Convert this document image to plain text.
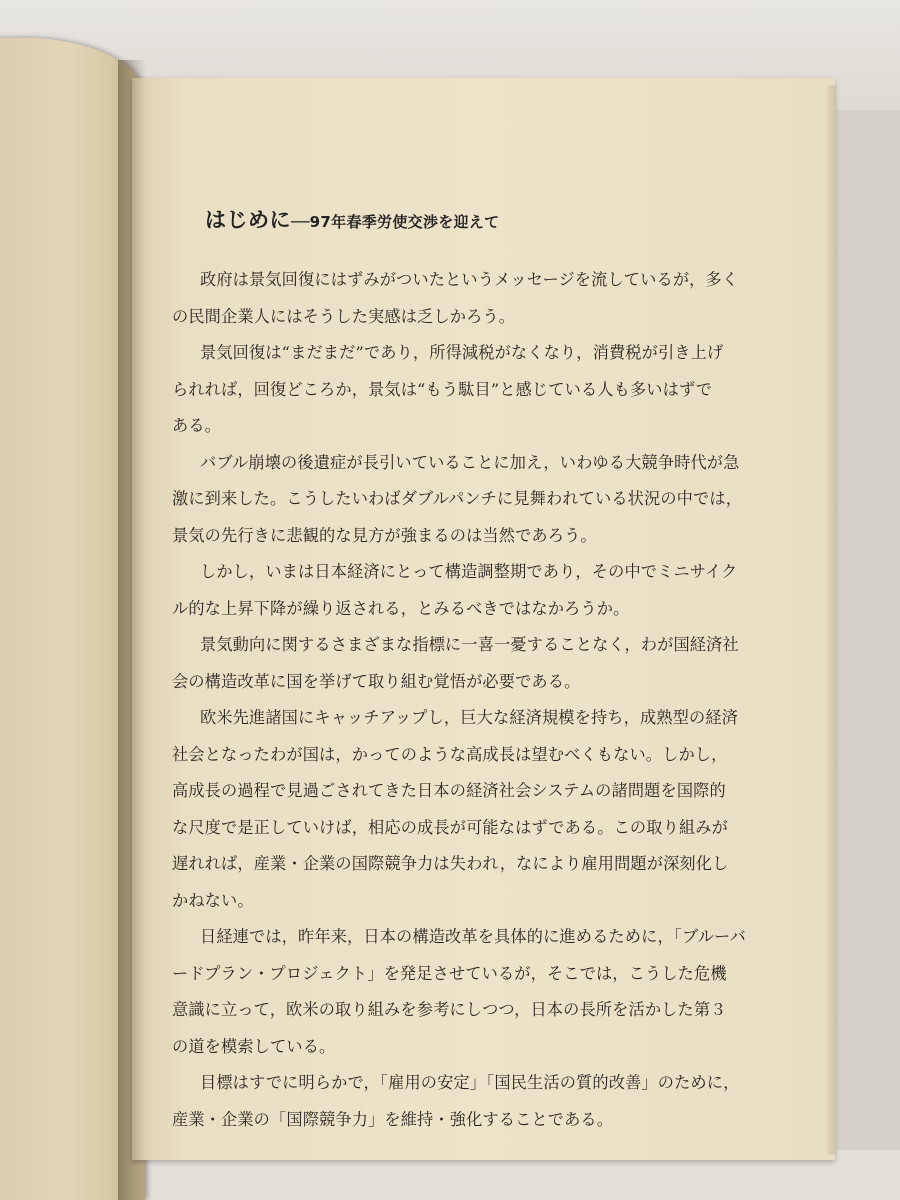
はじめに──97年春季労使交渉を迎えて

政府は景気回復にはずみがついたというメッセージを流しているが，多く
の民間企業人にはそうした実感は乏しかろう。

景気回復は“まだまだ”であり，所得減税がなくなり，消費税が引き上げ
られれば，回復どころか，景気は“もう駄目”と感じている人も多いはずで
ある。

バブル崩壊の後遺症が長引いていることに加え，いわゆる大競争時代が急
激に到来した。こうしたいわばダブルパンチに見舞われている状況の中では，
景気の先行きに悲観的な見方が強まるのは当然であろう。

しかし，いまは日本経済にとって構造調整期であり，その中でミニサイク
ル的な上昇下降が繰り返される，とみるべきではなかろうか。

景気動向に関するさまざまな指標に一喜一憂することなく，わが国経済社
会の構造改革に国を挙げて取り組む覚悟が必要である。

欧米先進諸国にキャッチアップし，巨大な経済規模を持ち，成熟型の経済
社会となったわが国は，かってのような高成長は望むべくもない。しかし，
高成長の過程で見過ごされてきた日本の経済社会システムの諸問題を国際的
な尺度で是正していけば，相応の成長が可能なはずである。この取り組みが
遅れれば，産業・企業の国際競争力は失われ，なにより雇用問題が深刻化し
かねない。

日経連では，昨年来，日本の構造改革を具体的に進めるために，「ブルーバ
ードプラン・プロジェクト」を発足させているが，そこでは，こうした危機
意識に立って，欧米の取り組みを参考にしつつ，日本の長所を活かした第３
の道を模索している。

目標はすでに明らかで，「雇用の安定」「国民生活の質的改善」のために，
産業・企業の「国際競争力」を維持・強化することである。
